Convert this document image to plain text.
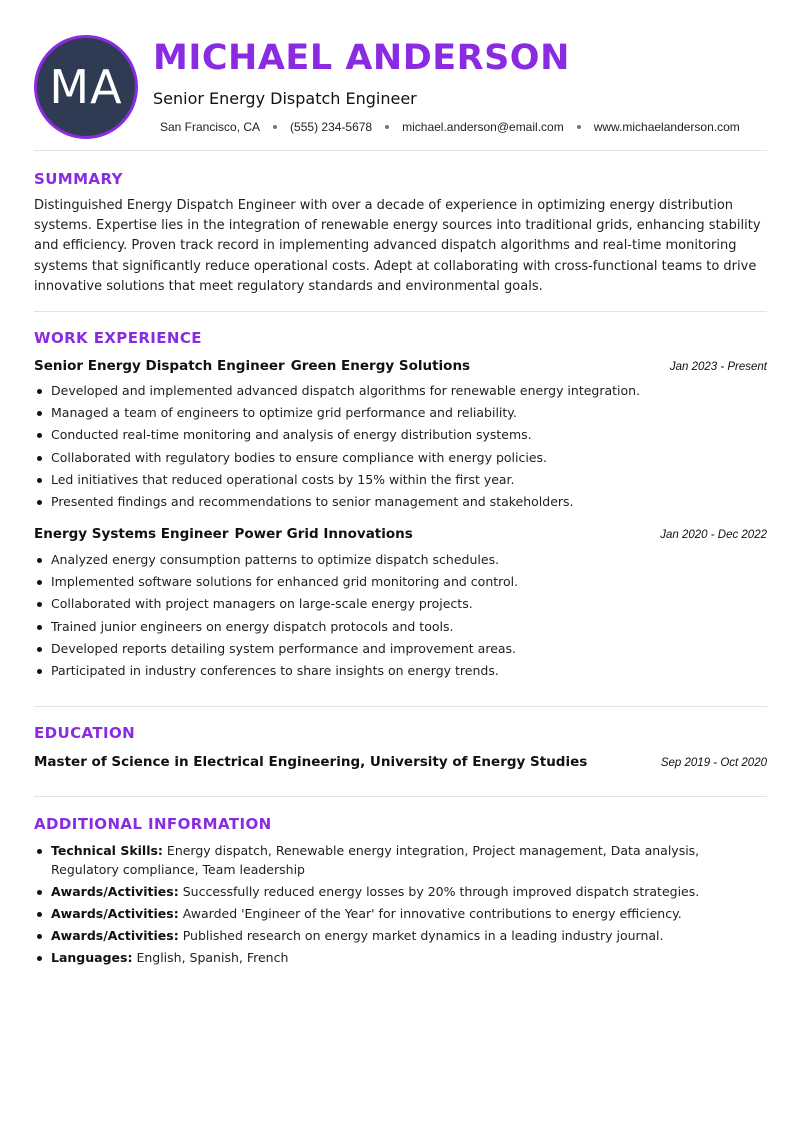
MA
MICHAEL ANDERSON
Senior Energy Dispatch Engineer
San Francisco, CA	(555) 234-5678	michael.anderson@email.com	www.michaelanderson.com
SUMMARY
Distinguished Energy Dispatch Engineer with over a decade of experience in optimizing energy distribution systems. Expertise lies in the integration of renewable energy sources into traditional grids, enhancing stability and efficiency. Proven track record in implementing advanced dispatch algorithms and real-time monitoring systems that significantly reduce operational costs. Adept at collaborating with cross-functional teams to drive innovative solutions that meet regulatory standards and environmental goals.
WORK EXPERIENCE
Senior Energy Dispatch Engineer Green Energy Solutions	Jan 2023 - Present
Developed and implemented advanced dispatch algorithms for renewable energy integration.
Managed a team of engineers to optimize grid performance and reliability.
Conducted real-time monitoring and analysis of energy distribution systems.
Collaborated with regulatory bodies to ensure compliance with energy policies.
Led initiatives that reduced operational costs by 15% within the first year.
Presented findings and recommendations to senior management and stakeholders.
Energy Systems Engineer Power Grid Innovations	Jan 2020 - Dec 2022
Analyzed energy consumption patterns to optimize dispatch schedules.
Implemented software solutions for enhanced grid monitoring and control.
Collaborated with project managers on large-scale energy projects.
Trained junior engineers on energy dispatch protocols and tools.
Developed reports detailing system performance and improvement areas.
Participated in industry conferences to share insights on energy trends.
EDUCATION
Master of Science in Electrical Engineering, University of Energy Studies	Sep 2019 - Oct 2020
ADDITIONAL INFORMATION
Technical Skills: Energy dispatch, Renewable energy integration, Project management, Data analysis, Regulatory compliance, Team leadership
Awards/Activities: Successfully reduced energy losses by 20% through improved dispatch strategies.
Awards/Activities: Awarded 'Engineer of the Year' for innovative contributions to energy efficiency.
Awards/Activities: Published research on energy market dynamics in a leading industry journal.
Languages: English, Spanish, French
